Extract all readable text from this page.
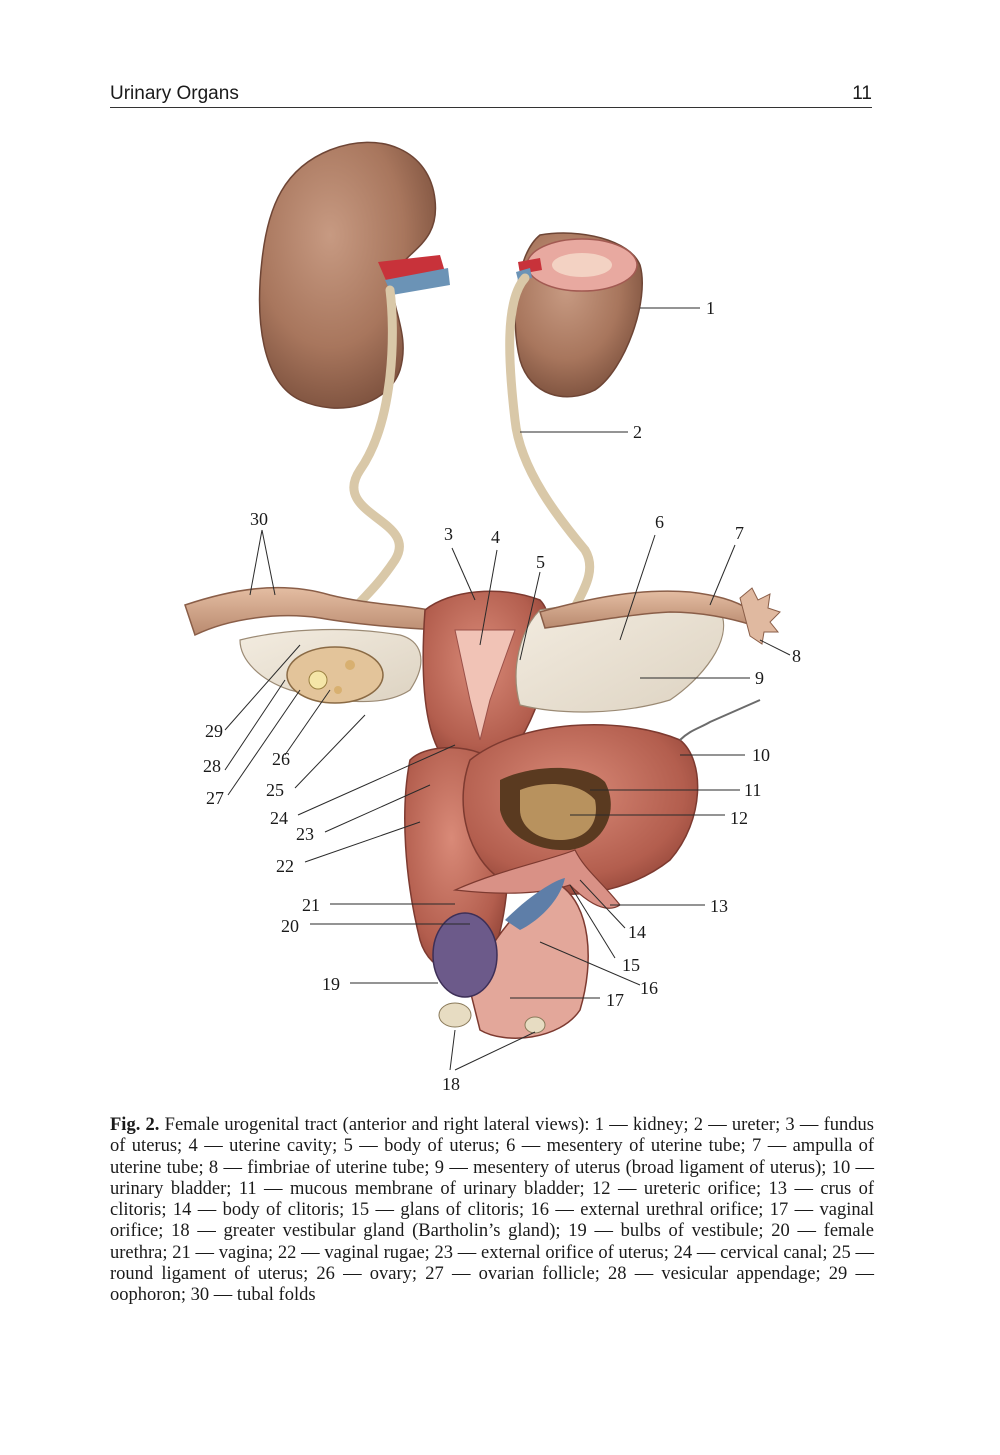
Urinary Organs	11
1
2
3 4
5
6
7
8
9
10
11
12
13
14
15
16
17
18
19
20
21
22
23
24
25
26
27
28
29
30
Fig. 2. Female urogenital tract (anterior and right lateral views): 1 — kidney; 2 — ureter; 3 — fundus of uterus; 4 — uterine cavity; 5 — body of uterus; 6 — mesentery of uterine tube; 7 — ampulla of uterine tube; 8 — fimbriae of uterine tube; 9 — mesentery of uterus (broad ligament of uterus); 10 — urinary bladder; 11 — mucous membrane of urinary bladder; 12 — ureteric orifice; 13 — crus of clitoris; 14 — body of clitoris; 15 — glans of clitoris; 16 — external urethral orifice; 17 — vaginal orifice; 18 — greater vestibular gland (Bartholin’s gland); 19 — bulbs of vestibule; 20 — female urethra; 21 — vagina; 22 — vaginal rugae; 23 — external orifice of uterus; 24 — cervical canal; 25 — round ligament of uterus; 26 — ovary; 27 — ovarian follicle; 28 — vesicular appendage; 29 — oophoron; 30 — tubal folds
